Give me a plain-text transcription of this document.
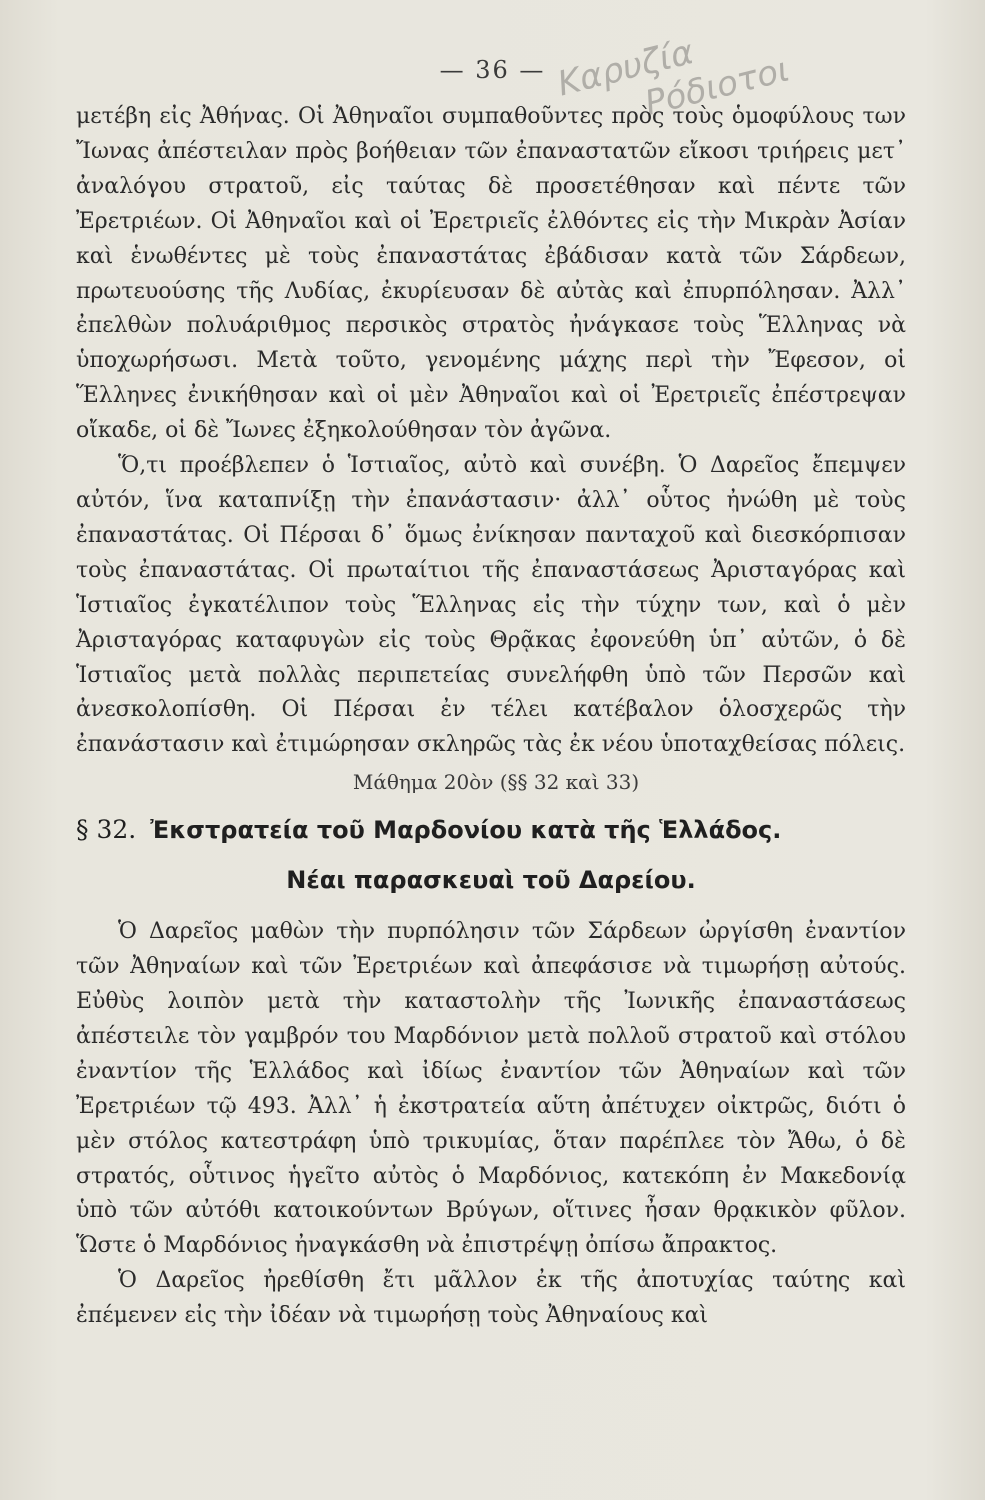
— 36 — Καρυζία
Ρόδιοτοι

μετέβη εἰς Ἀθήνας. Οἱ Ἀθηναῖοι συμπαθοῦντες πρὸς τοὺς ὁμοφύλους των Ἴωνας ἀπέστειλαν πρὸς βοήθειαν τῶν ἐπαναστατῶν εἴκοσι τριήρεις μετ᾽ ἀναλόγου στρατοῦ, εἰς ταύτας δὲ προσετέθησαν καὶ πέντε τῶν Ἐρετριέων. Οἱ Ἀθηναῖοι καὶ οἱ Ἐρετριεῖς ἐλθόντες εἰς τὴν Μικρὰν Ἀσίαν καὶ ἑνωθέντες μὲ τοὺς ἐπαναστάτας ἐβάδισαν κατὰ τῶν Σάρδεων, πρωτευούσης τῆς Λυδίας, ἐκυρίευσαν δὲ αὐτὰς καὶ ἐπυρπόλησαν. Ἀλλ᾽ ἐπελθὼν πολυάριθμος περσικὸς στρατὸς ἠνάγκασε τοὺς Ἕλληνας νὰ ὑποχωρήσωσι. Μετὰ τοῦτο, γενομένης μάχης περὶ τὴν Ἔφεσον, οἱ Ἕλληνες ἐνικήθησαν καὶ οἱ μὲν Ἀθηναῖοι καὶ οἱ Ἐρετριεῖς ἐπέστρεψαν οἴκαδε, οἱ δὲ Ἴωνες ἐξηκολούθησαν τὸν ἀγῶνα.

Ὅ,τι προέβλεπεν ὁ Ἱστιαῖος, αὐτὸ καὶ συνέβη. Ὁ Δαρεῖος ἔπεμψεν αὐτόν, ἵνα καταπνίξῃ τὴν ἐπανάστασιν· ἀλλ᾽ οὗτος ἠνώθη μὲ τοὺς ἐπαναστάτας. Οἱ Πέρσαι δ᾽ ὅμως ἐνίκησαν πανταχοῦ καὶ διεσκόρπισαν τοὺς ἐπαναστάτας. Οἱ πρωταίτιοι τῆς ἐπαναστάσεως Ἀρισταγόρας καὶ Ἱστιαῖος ἐγκατέλιπον τοὺς Ἕλληνας εἰς τὴν τύχην των, καὶ ὁ μὲν Ἀρισταγόρας καταφυγὼν εἰς τοὺς Θρᾷκας ἐφονεύθη ὑπ᾽ αὐτῶν, ὁ δὲ Ἱστιαῖος μετὰ πολλὰς περιπετείας συνελήφθη ὑπὸ τῶν Περσῶν καὶ ἀνεσκολοπίσθη. Οἱ Πέρσαι ἐν τέλει κατέβαλον ὁλοσχερῶς τὴν ἐπανάστασιν καὶ ἐτιμώρησαν σκληρῶς τὰς ἐκ νέου ὑποταχθείσας πόλεις.

Μάθημα 20ὸν (§§ 32 καὶ 33)

§ 32. Ἐκστρατεία τοῦ Μαρδονίου κατὰ τῆς Ἑλλάδος.
Νέαι παρασκευαὶ τοῦ Δαρείου.

Ὁ Δαρεῖος μαθὼν τὴν πυρπόλησιν τῶν Σάρδεων ὠργίσθη ἐναντίον τῶν Ἀθηναίων καὶ τῶν Ἐρετριέων καὶ ἀπεφάσισε νὰ τιμωρήσῃ αὐτούς. Εὐθὺς λοιπὸν μετὰ τὴν καταστολὴν τῆς Ἰωνικῆς ἐπαναστάσεως ἀπέστειλε τὸν γαμβρόν του Μαρδόνιον μετὰ πολλοῦ στρατοῦ καὶ στόλου ἐναντίον τῆς Ἑλλάδος καὶ ἰδίως ἐναντίον τῶν Ἀθηναίων καὶ τῶν Ἐρετριέων τῷ 493. Ἀλλ᾽ ἡ ἐκστρατεία αὕτη ἀπέτυχεν οἰκτρῶς, διότι ὁ μὲν στόλος κατεστράφη ὑπὸ τρικυμίας, ὅταν παρέπλεε τὸν Ἄθω, ὁ δὲ στρατός, οὗτινος ἡγεῖτο αὐτὸς ὁ Μαρδόνιος, κατεκόπη ἐν Μακεδονίᾳ ὑπὸ τῶν αὐτόθι κατοικούντων Βρύγων, οἵτινες ἦσαν θρᾳκικὸν φῦλον. Ὥστε ὁ Μαρδόνιος ἠναγκάσθη νὰ ἐπιστρέψῃ ὀπίσω ἄπρακτος.

Ὁ Δαρεῖος ἠρεθίσθη ἔτι μᾶλλον ἐκ τῆς ἀποτυχίας ταύτης καὶ ἐπέμενεν εἰς τὴν ἰδέαν νὰ τιμωρήσῃ τοὺς Ἀθηναίους καὶ
